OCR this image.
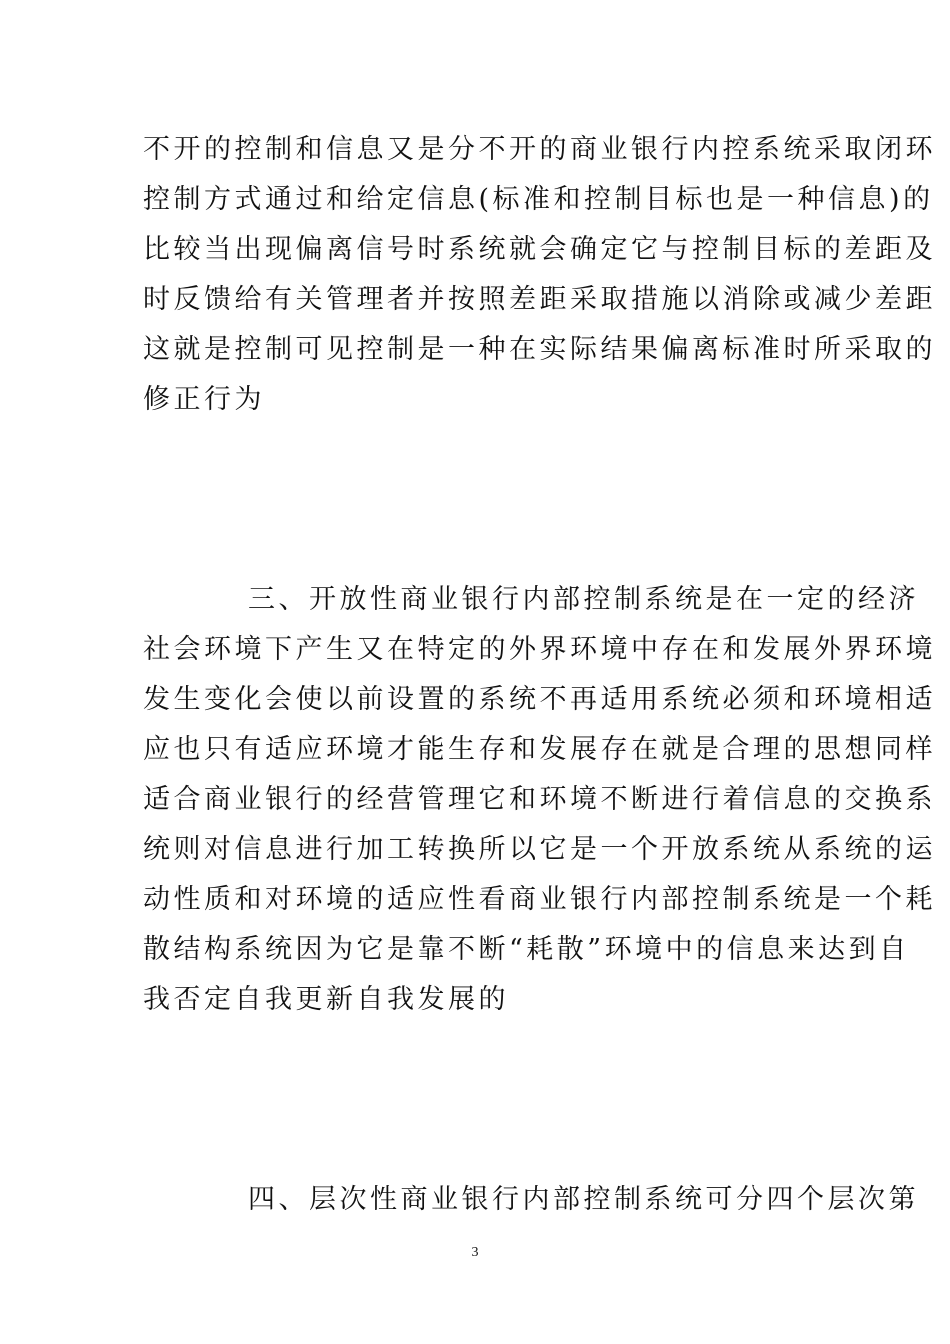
不开的控制和信息又是分不开的商业银行内控系统采取闭环
控制方式通过和给定信息(标准和控制目标也是一种信息)的
比较当出现偏离信号时系统就会确定它与控制目标的差距及
时反馈给有关管理者并按照差距采取措施以消除或减少差距
这就是控制可见控制是一种在实际结果偏离标准时所采取的
修正行为
三、开放性商业银行内部控制系统是在一定的经济
社会环境下产生又在特定的外界环境中存在和发展外界环境
发生变化会使以前设置的系统不再适用系统必须和环境相适
应也只有适应环境才能生存和发展存在就是合理的思想同样
适合商业银行的经营管理它和环境不断进行着信息的交换系
统则对信息进行加工转换所以它是一个开放系统从系统的运
动性质和对环境的适应性看商业银行内部控制系统是一个耗
散结构系统因为它是靠不断“耗散”环境中的信息来达到自
我否定自我更新自我发展的
四、层次性商业银行内部控制系统可分四个层次第
3
